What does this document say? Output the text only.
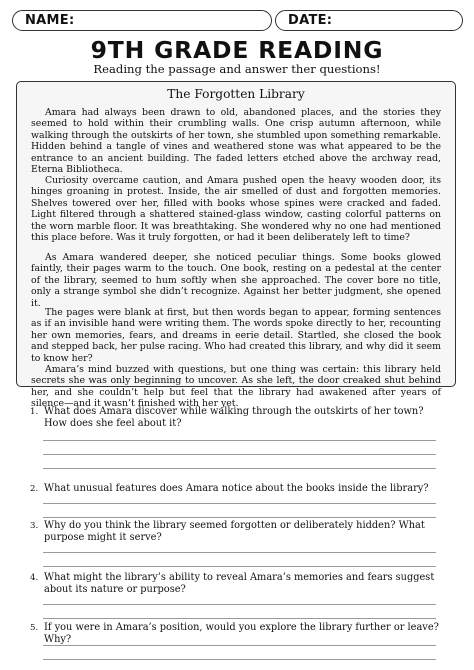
NAME:	DATE:
9TH GRADE READING
Reading the passage and answer ther questions!
The Forgotten Library

Amara had always been drawn to old, abandoned places, and the stories they seemed to hold within their crumbling walls. One crisp autumn afternoon, while walking through the outskirts of her town, she stumbled upon something remarkable. Hidden behind a tangle of vines and weathered stone was what appeared to be the entrance to an ancient building. The faded letters etched above the archway read, Eterna Bibliotheca.

Curiosity overcame caution, and Amara pushed open the heavy wooden door, its hinges groaning in protest. Inside, the air smelled of dust and forgotten memories. Shelves towered over her, filled with books whose spines were cracked and faded. Light filtered through a shattered stained-glass window, casting colorful patterns on the worn marble floor. It was breathtaking. She wondered why no one had mentioned this place before. Was it truly forgotten, or had it been deliberately left to time?

As Amara wandered deeper, she noticed peculiar things. Some books glowed faintly, their pages warm to the touch. One book, resting on a pedestal at the center of the library, seemed to hum softly when she approached. The cover bore no title, only a strange symbol she didn’t recognize. Against her better judgment, she opened it.

The pages were blank at first, but then words began to appear, forming sentences as if an invisible hand were writing them. The words spoke directly to her, recounting her own memories, fears, and dreams in eerie detail. Startled, she closed the book and stepped back, her pulse racing. Who had created this library, and why did it seem to know her?

Amara’s mind buzzed with questions, but one thing was certain: this library held secrets she was only beginning to uncover. As she left, the door creaked shut behind her, and she couldn’t help but feel that the library had awakened after years of silence—and it wasn’t finished with her yet.

1. What does Amara discover while walking through the outskirts of her town? How does she feel about it?

2. What unusual features does Amara notice about the books inside the library?

3. Why do you think the library seemed forgotten or deliberately hidden? What purpose might it serve?

4. What might the library’s ability to reveal Amara’s memories and fears suggest about its nature or purpose?

5. If you were in Amara’s position, would you explore the library further or leave? Why?
